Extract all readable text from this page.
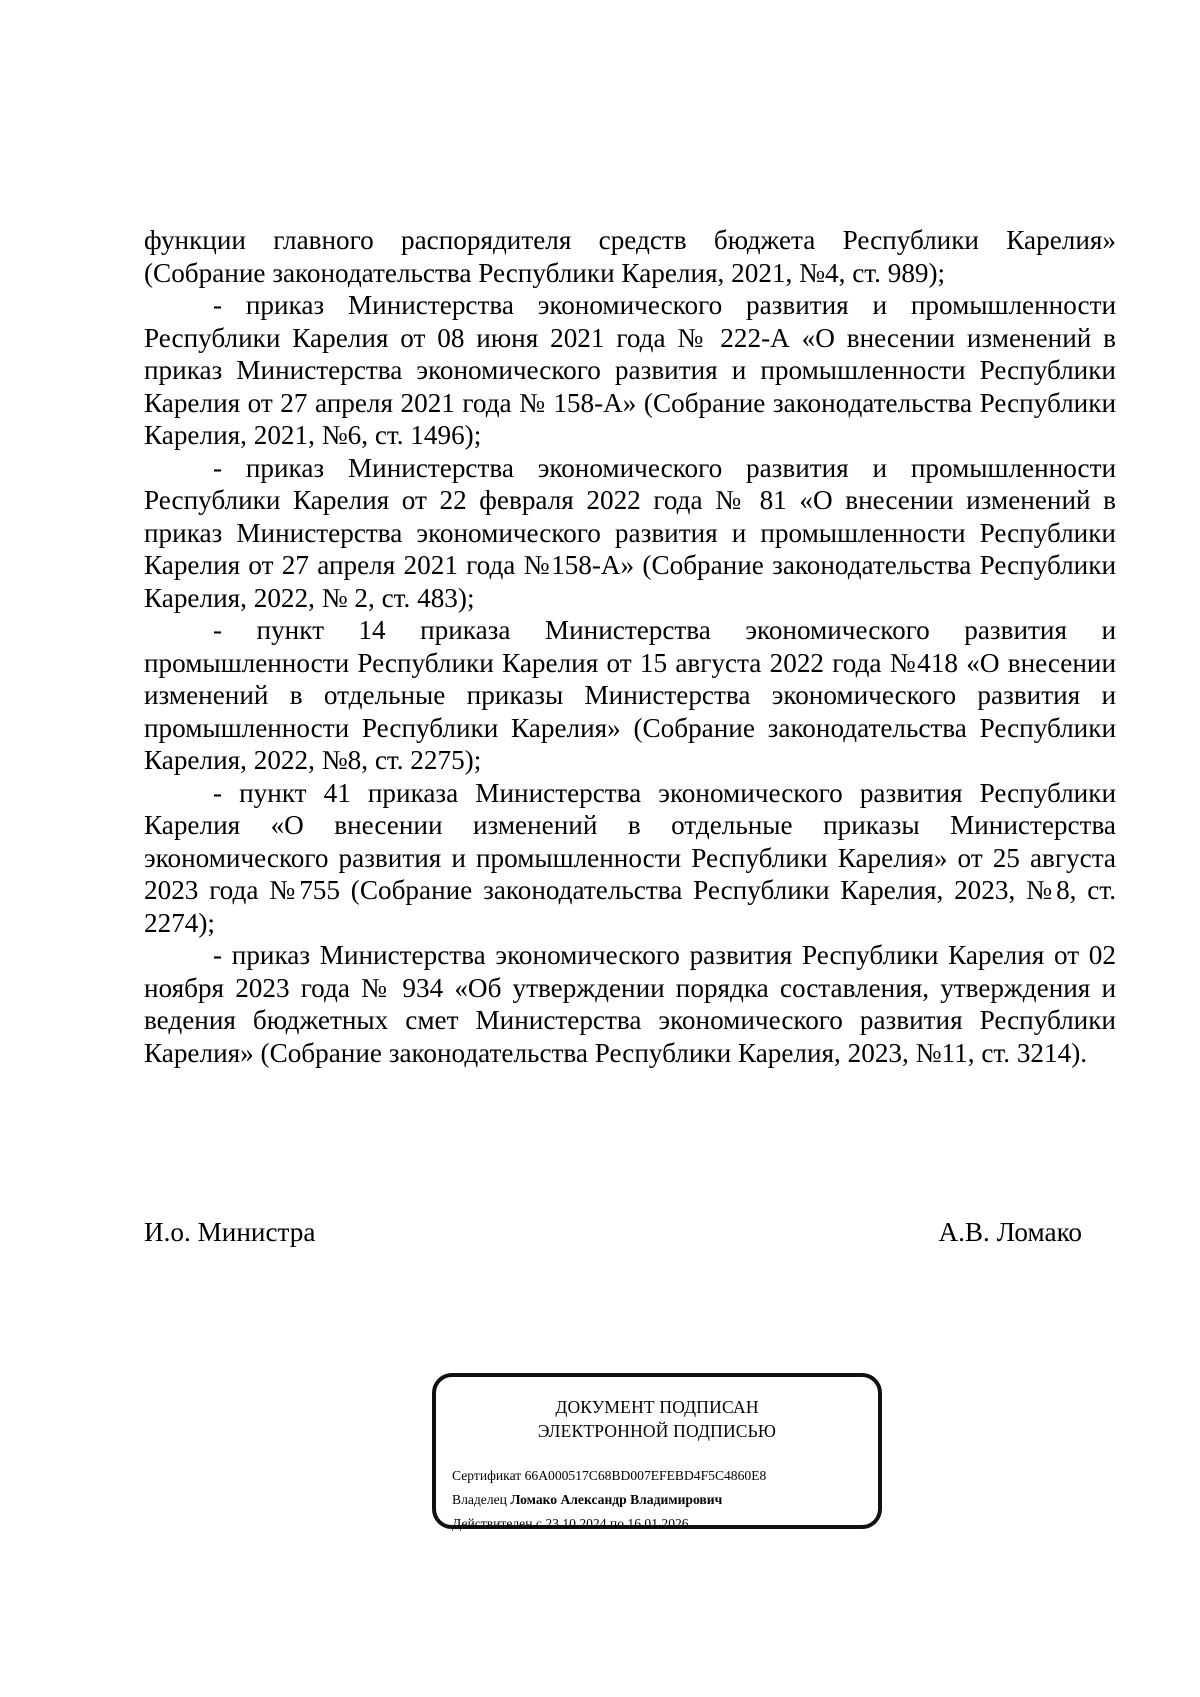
функции главного распорядителя средств бюджета Республики Карелия» (Собрание законодательства Республики Карелия, 2021, №4, ст. 989);

- приказ Министерства экономического развития и промышленности Республики Карелия от 08 июня 2021 года № 222-А «О внесении изменений в приказ Министерства экономического развития и промышленности Республики Карелия от 27 апреля 2021 года № 158-А» (Собрание законодательства Республики Карелия, 2021, №6, ст. 1496);

- приказ Министерства экономического развития и промышленности Республики Карелия от 22 февраля 2022 года № 81 «О внесении изменений в приказ Министерства экономического развития и промышленности Республики Карелия от 27 апреля 2021 года №158-А» (Собрание законодательства Республики Карелия, 2022, № 2, ст. 483);

- пункт 14 приказа Министерства экономического развития и промышленности Республики Карелия от 15 августа 2022 года №418 «О внесении изменений в отдельные приказы Министерства экономического развития и промышленности Республики Карелия» (Собрание законодательства Республики Карелия, 2022, №8, ст. 2275);

- пункт 41 приказа Министерства экономического развития Республики Карелия «О внесении изменений в отдельные приказы Министерства экономического развития и промышленности Республики Карелия» от 25 августа 2023 года №755 (Собрание законодательства Республики Карелия, 2023, №8, ст. 2274);

- приказ Министерства экономического развития Республики Карелия от 02 ноября 2023 года № 934 «Об утверждении порядка составления, утверждения и ведения бюджетных смет Министерства экономического развития Республики Карелия» (Собрание законодательства Республики Карелия, 2023, №11, ст. 3214).

И.о. Министра	А.В. Ломако
ДОКУМЕНТ ПОДПИСАН
ЭЛЕКТРОННОЙ ПОДПИСЬЮ
Сертификат 66A000517C68BD007EFEBD4F5C4860E8
Владелец Ломако Александр Владимирович
Действителен с 23.10.2024 по 16.01.2026
